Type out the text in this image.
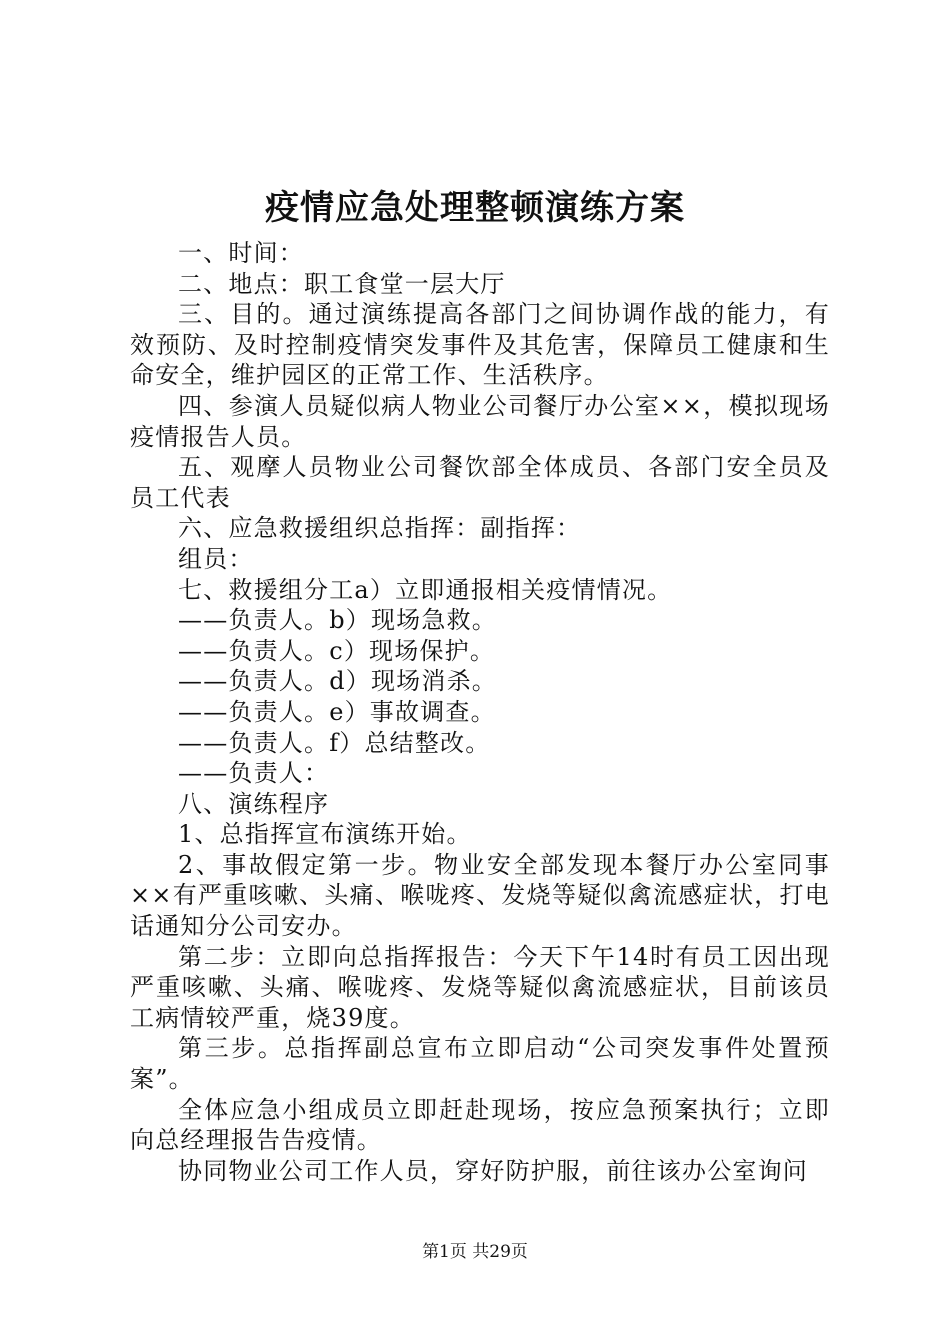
疫情应急处理整顿演练方案

一、时间：

二、地点：职工食堂一层大厅

三、目的。通过演练提高各部门之间协调作战的能力，有效预防、及时控制疫情突发事件及其危害，保障员工健康和生命安全，维护园区的正常工作、生活秩序。

四、参演人员疑似病人物业公司餐厅办公室××，模拟现场疫情报告人员。

五、观摩人员物业公司餐饮部全体成员、各部门安全员及员工代表

六、应急救援组织总指挥：副指挥：

组员：

七、救援组分工a）立即通报相关疫情情况。

——负责人。b）现场急救。

——负责人。c）现场保护。

——负责人。d）现场消杀。

——负责人。e）事故调查。

——负责人。f）总结整改。

——负责人：

八、演练程序

1、总指挥宣布演练开始。

2、事故假定第一步。物业安全部发现本餐厅办公室同事××有严重咳嗽、头痛、喉咙疼、发烧等疑似禽流感症状，打电话通知分公司安办。

第二步：立即向总指挥报告：今天下午14时有员工因出现严重咳嗽、头痛、喉咙疼、发烧等疑似禽流感症状，目前该员工病情较严重，烧39度。

第三步。总指挥副总宣布立即启动“公司突发事件处置预案”。

全体应急小组成员立即赶赴现场，按应急预案执行；立即向总经理报告告疫情。

协同物业公司工作人员，穿好防护服，前往该办公室询问

第1页 共29页
